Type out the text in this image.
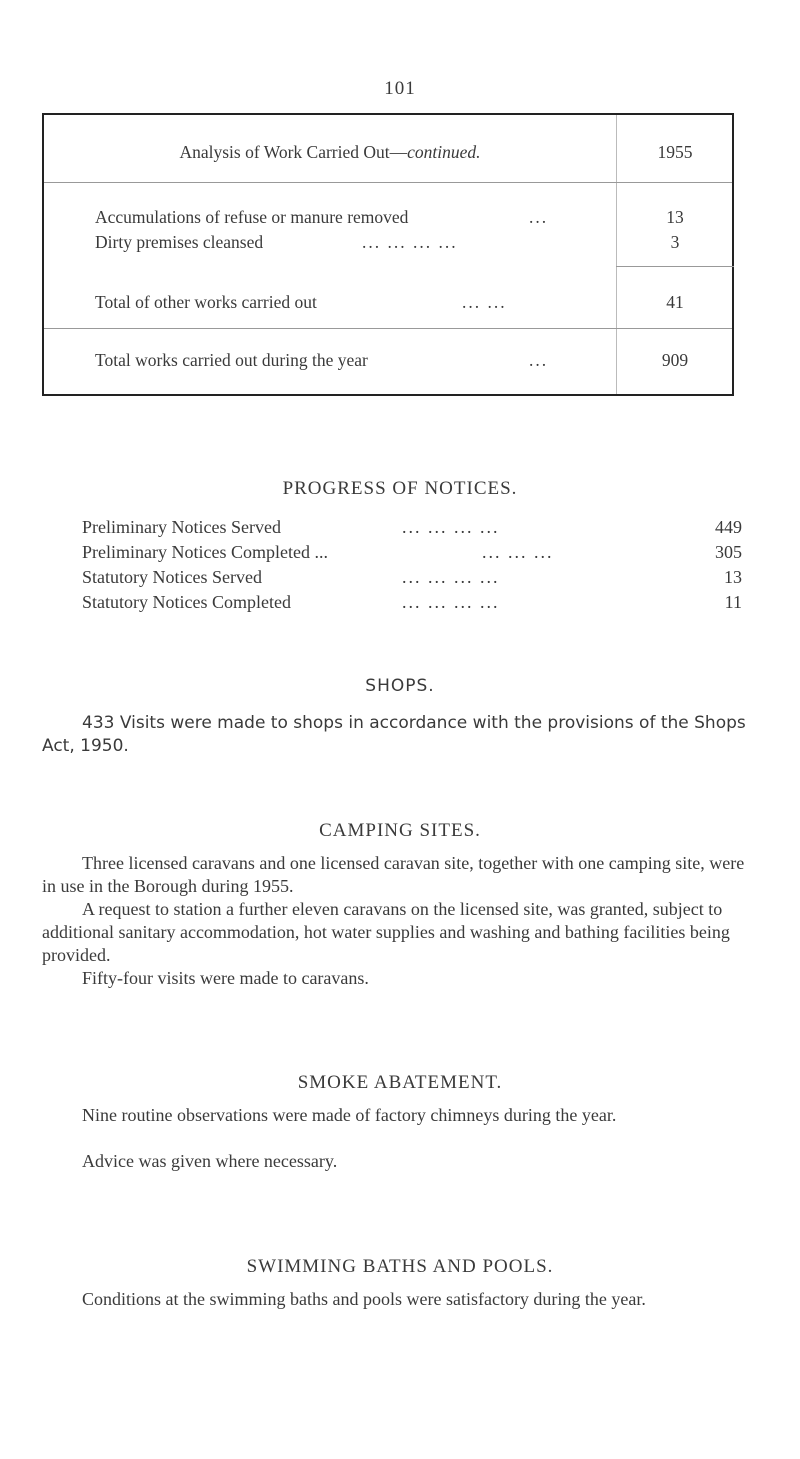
101
Analysis of Work Carried Out—continued.	1955
Accumulations of refuse or manure removed	...	13
Dirty premises cleansed	... ... ... ...	3
Total of other works carried out	... ...	41
Total works carried out during the year	...	909
PROGRESS OF NOTICES.
Preliminary Notices Served	... ... ... ...	449
Preliminary Notices Completed ...	... ... ...	305
Statutory Notices Served	... ... ... ...	13
Statutory Notices Completed	... ... ... ...	11
SHOPS.
433 Visits were made to shops in accordance with the provisions of the Shops Act, 1950.
CAMPING SITES.
Three licensed caravans and one licensed caravan site, together with one camping site, were in use in the Borough during 1955.
A request to station a further eleven caravans on the licensed site, was granted, subject to additional sanitary accommodation, hot water supplies and washing and bathing facilities being provided.
Fifty-four visits were made to caravans.
SMOKE ABATEMENT.
Nine routine observations were made of factory chimneys during the year.
Advice was given where necessary.
SWIMMING BATHS AND POOLS.
Conditions at the swimming baths and pools were satisfactory during the year.
